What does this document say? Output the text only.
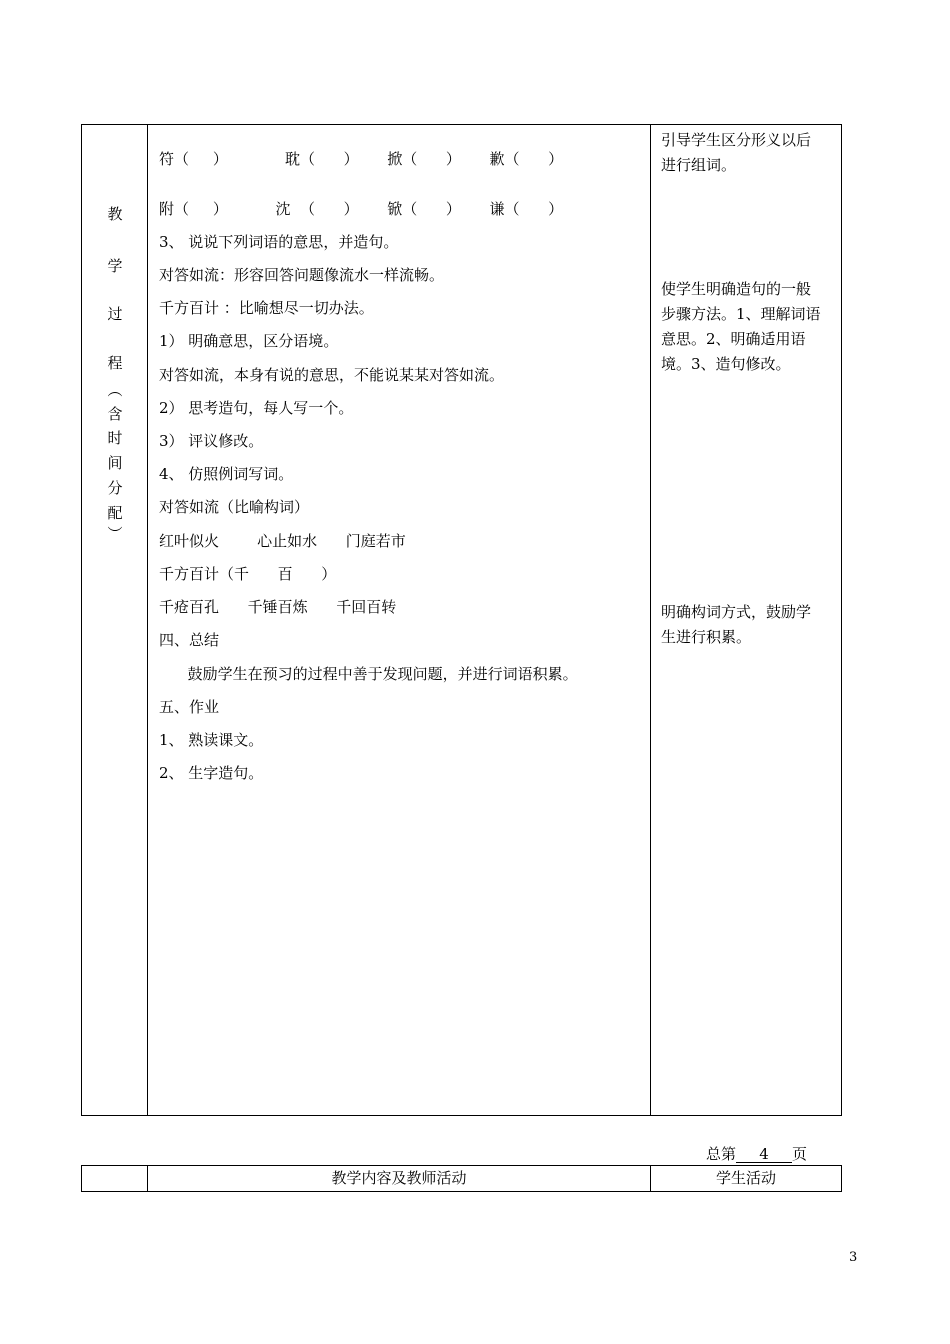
教
学
过
程
︵
含
时
间
分
配
︶
符（     ）            耽（      ）      掀（      ）      歉（      ）
附（     ）          沈  （      ）      锨（      ）      谦（      ）
3、 说说下列词语的意思，并造句。
对答如流：形容回答问题像流水一样流畅。
千方百计 ：比喻想尽一切办法。
1） 明确意思，区分语境。
对答如流，本身有说的意思，不能说某某对答如流。
2） 思考造句，每人写一个。
3） 评议修改。
4、 仿照例词写词。
对答如流（比喻构词）
红叶似火        心止如水      门庭若市
千方百计（千      百      ）
千疮百孔      千锤百炼      千回百转
四、总结
鼓励学生在预习的过程中善于发现问题，并进行词语积累。
五、作业
1、 熟读课文。
2、 生字造句。
引导学生区分形义以后
进行组词。
使学生明确造句的一般
步骤方法。1、理解词语
意思。2、明确适用语
境。3、造句修改。
明确构词方式，鼓励学
生进行积累。
总第 4 页
教学内容及教师活动	学生活动
3
